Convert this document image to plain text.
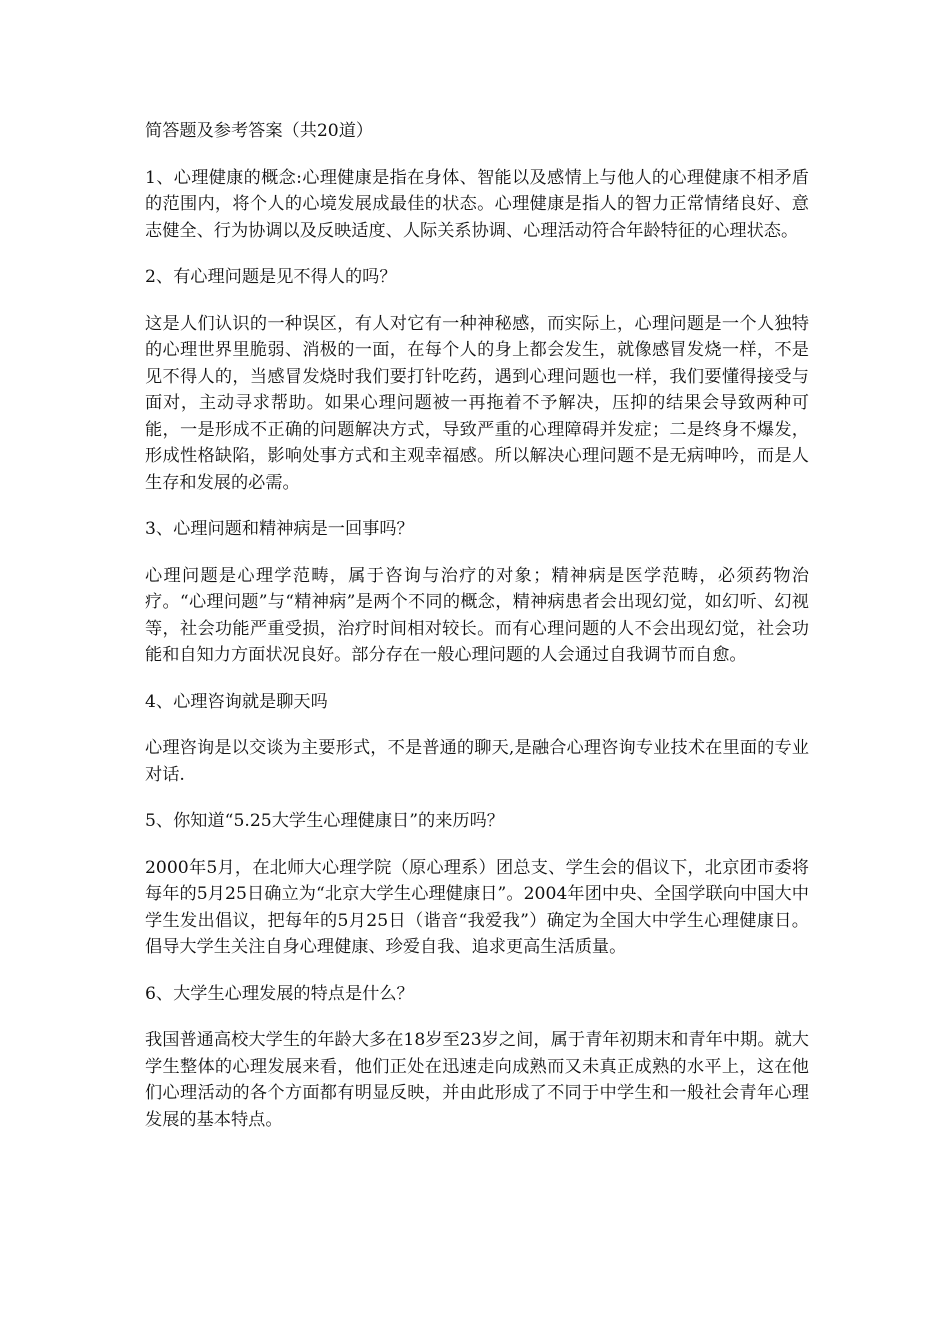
简答题及参考答案（共20道）
1、心理健康的概念:心理健康是指在身体、智能以及感情上与他人的心理健康不相矛盾的范围内，将个人的心境发展成最佳的状态。心理健康是指人的智力正常情绪良好、意志健全、行为协调以及反映适度、人际关系协调、心理活动符合年龄特征的心理状态。
2、有心理问题是见不得人的吗？
这是人们认识的一种误区，有人对它有一种神秘感，而实际上，心理问题是一个人独特的心理世界里脆弱、消极的一面，在每个人的身上都会发生，就像感冒发烧一样，不是见不得人的，当感冒发烧时我们要打针吃药，遇到心理问题也一样，我们要懂得接受与面对，主动寻求帮助。如果心理问题被一再拖着不予解决，压抑的结果会导致两种可能，一是形成不正确的问题解决方式，导致严重的心理障碍并发症；二是终身不爆发，形成性格缺陷，影响处事方式和主观幸福感。所以解决心理问题不是无病呻吟，而是人生存和发展的必需。
3、心理问题和精神病是一回事吗？
心理问题是心理学范畴，属于咨询与治疗的对象；精神病是医学范畴，必须药物治疗。“心理问题”与“精神病”是两个不同的概念，精神病患者会出现幻觉，如幻听、幻视等，社会功能严重受损，治疗时间相对较长。而有心理问题的人不会出现幻觉，社会功能和自知力方面状况良好。部分存在一般心理问题的人会通过自我调节而自愈。
4、心理咨询就是聊天吗
心理咨询是以交谈为主要形式，不是普通的聊天,是融合心理咨询专业技术在里面的专业对话.
5、你知道“5.25大学生心理健康日”的来历吗？
2000年5月，在北师大心理学院（原心理系）团总支、学生会的倡议下，北京团市委将每年的5月25日确立为“北京大学生心理健康日”。2004年团中央、全国学联向中国大中学生发出倡议，把每年的5月25日（谐音“我爱我”）确定为全国大中学生心理健康日。倡导大学生关注自身心理健康、珍爱自我、追求更高生活质量。
6、大学生心理发展的特点是什么？
我国普通高校大学生的年龄大多在18岁至23岁之间，属于青年初期末和青年中期。就大学生整体的心理发展来看，他们正处在迅速走向成熟而又未真正成熟的水平上，这在他们心理活动的各个方面都有明显反映，并由此形成了不同于中学生和一般社会青年心理发展的基本特点。
